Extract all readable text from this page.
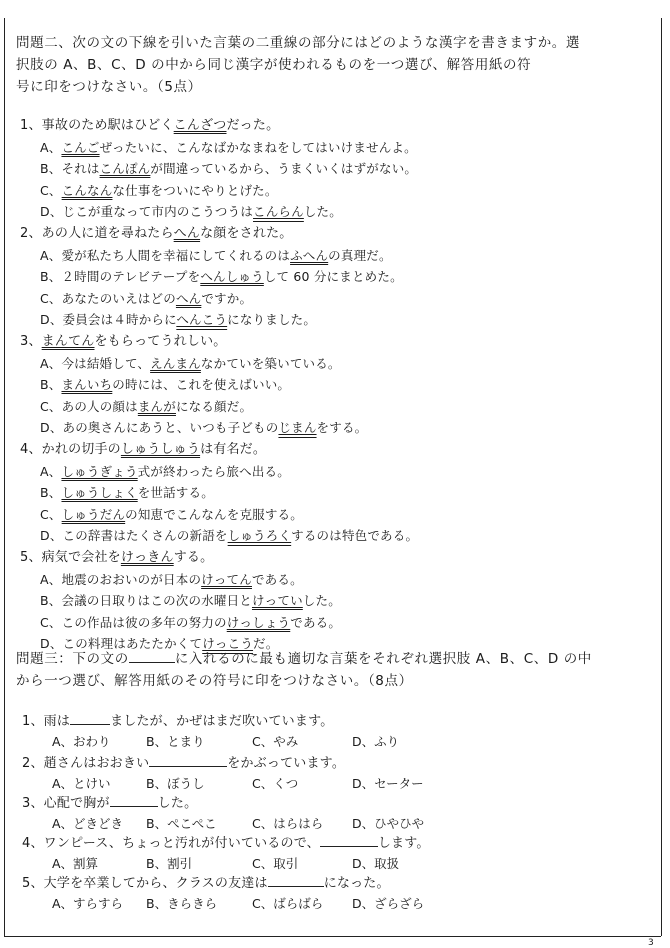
問題二、次の文の下線を引いた言葉の二重線の部分にはどのような漢字を書きますか。選
択肢の A、B、C、D の中から同じ漢字が使われるものを一つ選び、解答用紙の符
号に印をつけなさい。（5点）
1、事故のため駅はひどくこんざつだった。
A、こんごぜったいに、こんなばかなまねをしてはいけませんよ。
B、それはこんぽんが間違っているから、うまくいくはずがない。
C、こんなんな仕事をついにやりとげた。
D、じこが重なって市内のこうつうはこんらんした。
2、あの人に道を尋ねたらへんな顔をされた。
A、愛が私たち人間を幸福にしてくれるのはふへんの真理だ。
B、２時間のテレビテープをへんしゅうして 60 分にまとめた。
C、あなたのいえはどのへんですか。
D、委員会は４時からにへんこうになりました。
3、まんてんをもらってうれしい。
A、今は結婚して、えんまんなかていを築いている。
B、まんいちの時には、これを使えばいい。
C、あの人の顔はまんがになる顔だ。
D、あの奥さんにあうと、いつも子どものじまんをする。
4、かれの切手のしゅうしゅうは有名だ。
A、しゅうぎょう式が終わったら旅へ出る。
B、しゅうしょくを世話する。
C、しゅうだんの知恵でこんなんを克服する。
D、この辞書はたくさんの新語をしゅうろくするのは特色である。
5、病気で会社をけっきんする。
A、地震のおおいのが日本のけってんである。
B、会議の日取りはこの次の水曜日とけっていした。
C、この作品は彼の多年の努力のけっしょうである。
D、この料理はあたたかくてけっこうだ。
問題三：下の文の	に入れるのに最も適切な言葉をそれぞれ選択肢 A、B、C、D の中
から一つ選び、解答用紙のその符号に印をつけなさい。（8点）
1、雨は	ましたが、かぜはまだ吹いています。
A、おわり	B、とまり	C、やみ	D、ふり
2、趙さんはおおきい	をかぶっています。
A、とけい	B、ぼうし	C、くつ	D、セーター
3、心配で胸が	した。
A、どきどき B、ぺこぺこ	C、はらはら D、ひやひや
4、ワンピース、ちょっと汚れが付いているので、	します。
A、割算	B、割引	C、取引	D、取扱
5、大学を卒業してから、クラスの友達は	になった。
A、すらすら B、きらきら	C、ばらばら D、ざらざら
3
